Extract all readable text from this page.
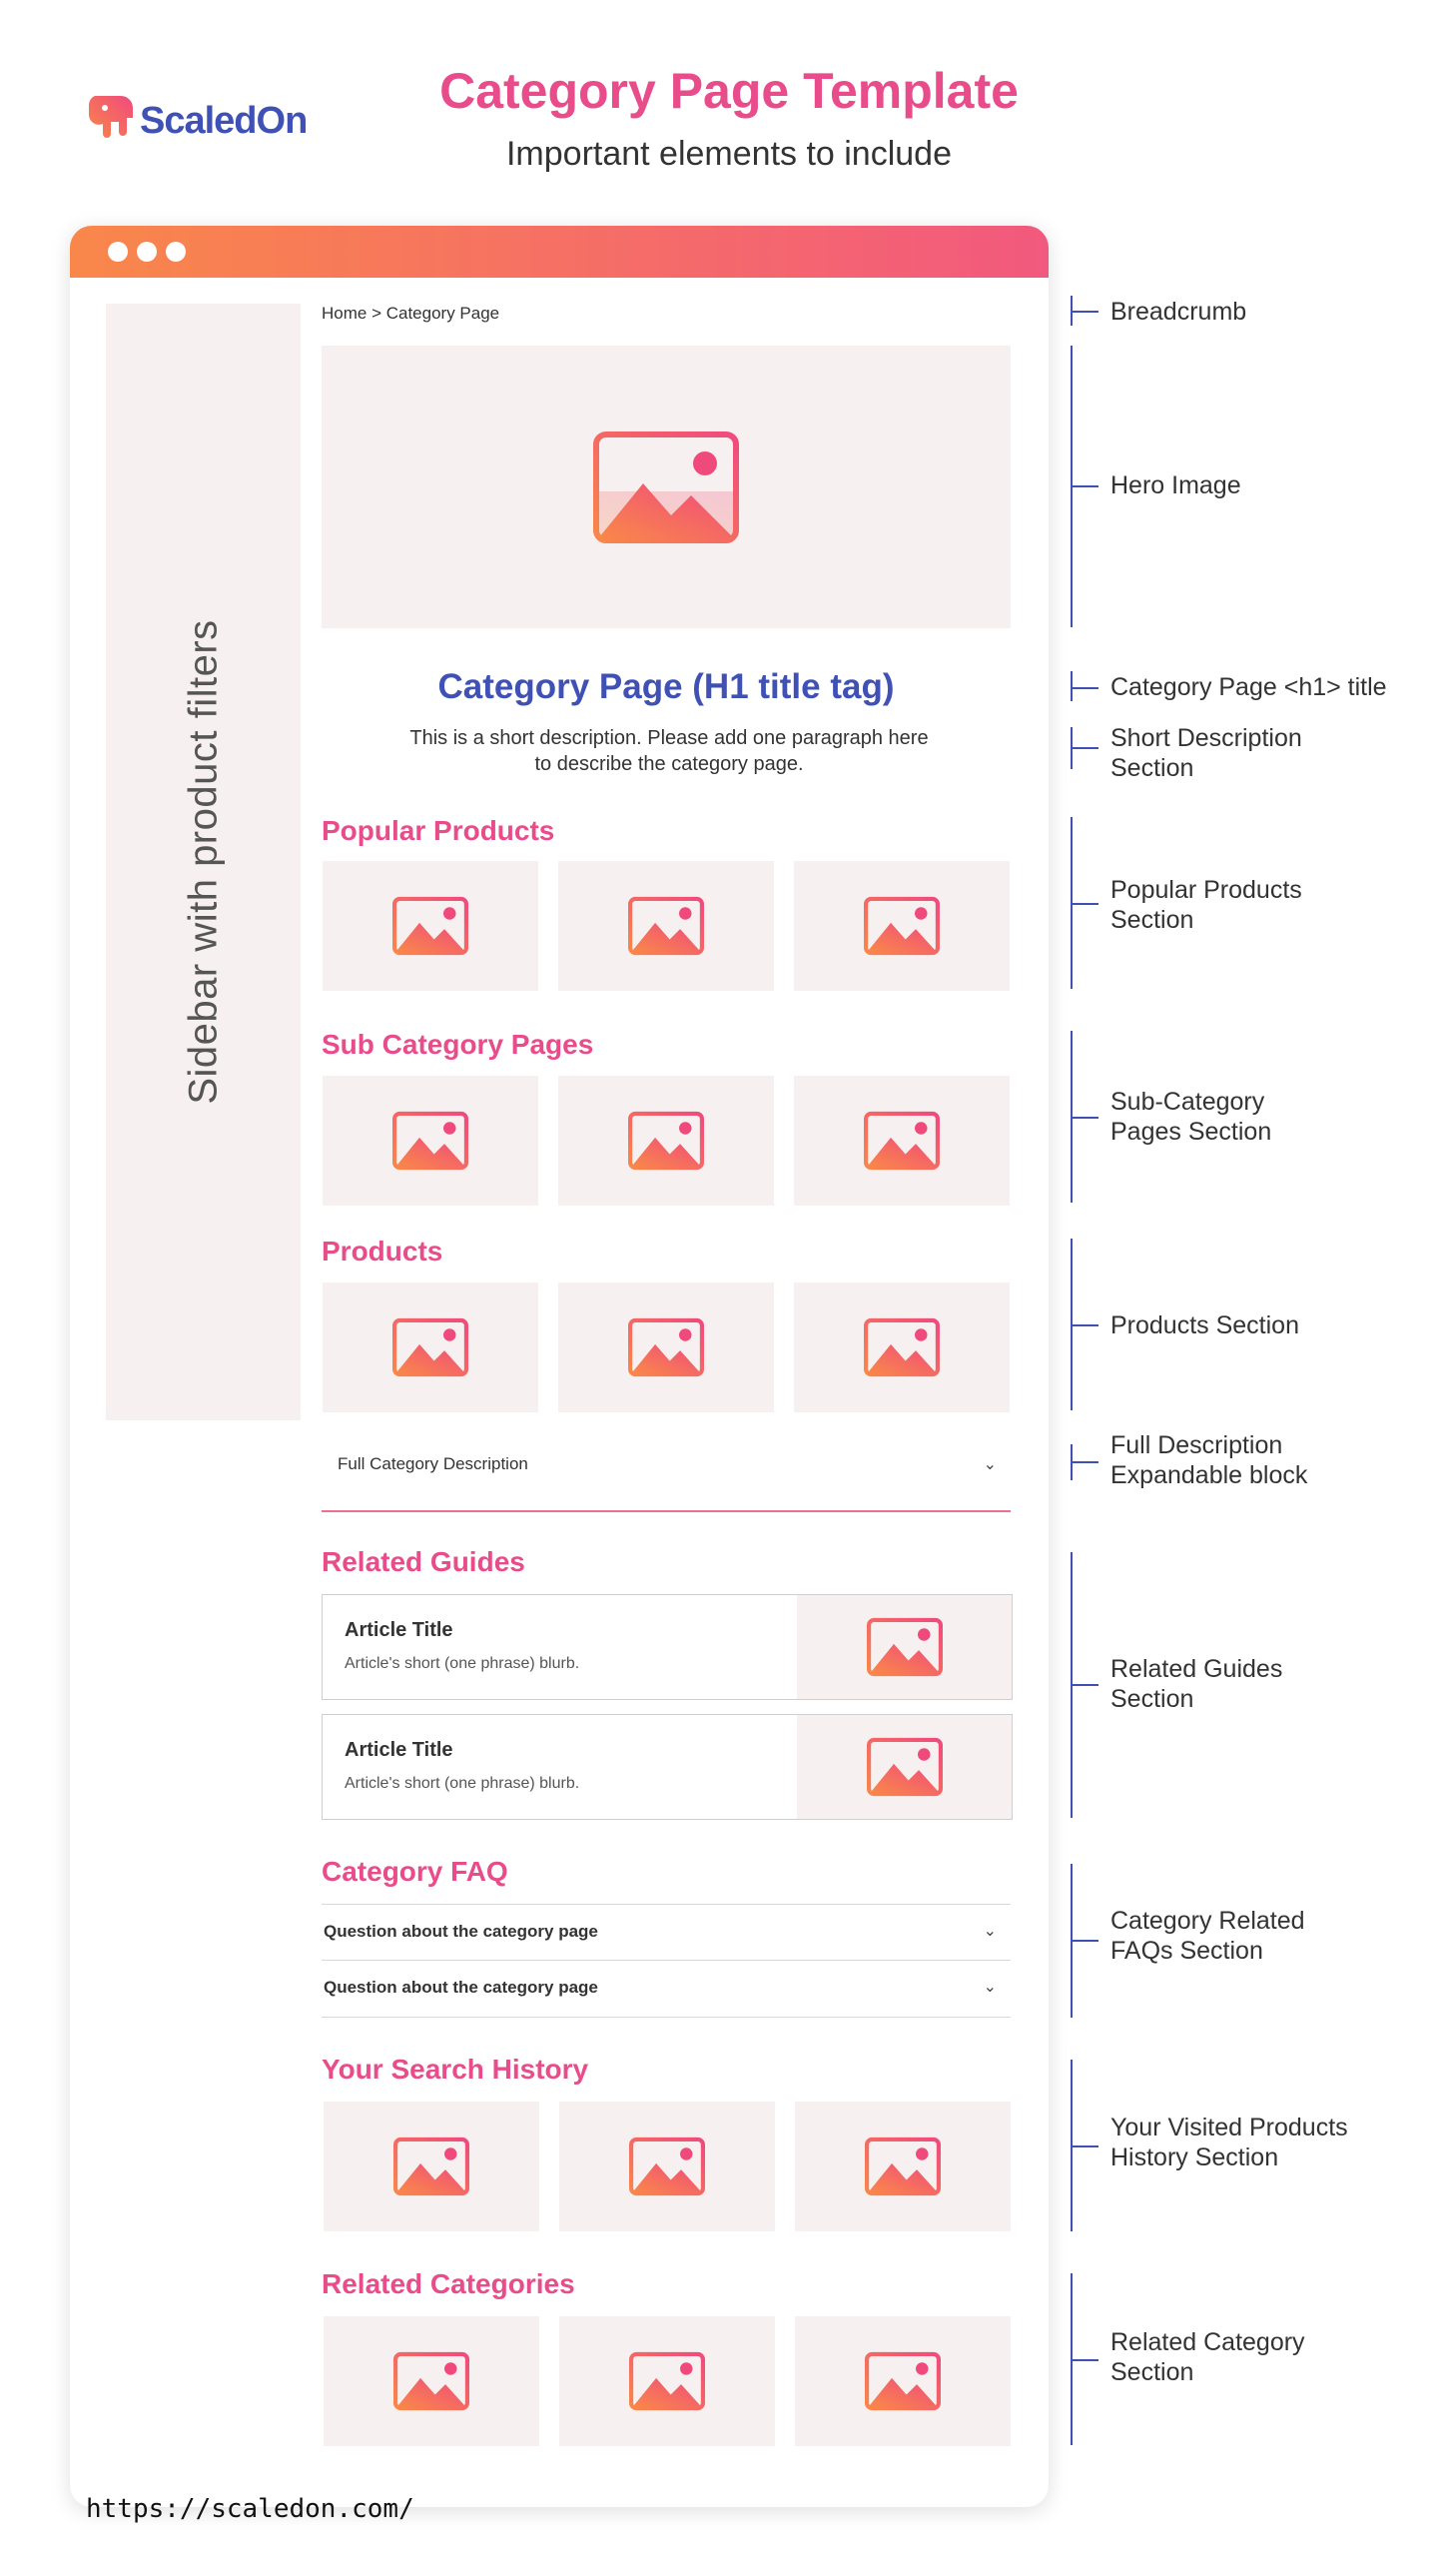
ScaledOn
Category Page Template
Important elements to include
Sidebar with product filters
Home > Category Page
Category Page (H1 title tag)
This is a short description. Please add one paragraph here to describe the category page.
Popular Products
Sub Category Pages
Products
Full Category Description	⌄
Related Guides
Article Title
Article's short (one phrase) blurb.
Article Title
Article's short (one phrase) blurb.
Category FAQ
Question about the category page	⌄
Question about the category page	⌄
Your Search History
Related Categories
Breadcrumb
Hero Image
Category Page <h1> title
Short Description
Section
Popular Products
Section
Sub-Category
Pages Section
Products Section
Full Description
Expandable block
Related Guides
Section
Category Related
FAQs Section
Your Visited Products
History Section
Related Category
Section
https://scaledon.com/
